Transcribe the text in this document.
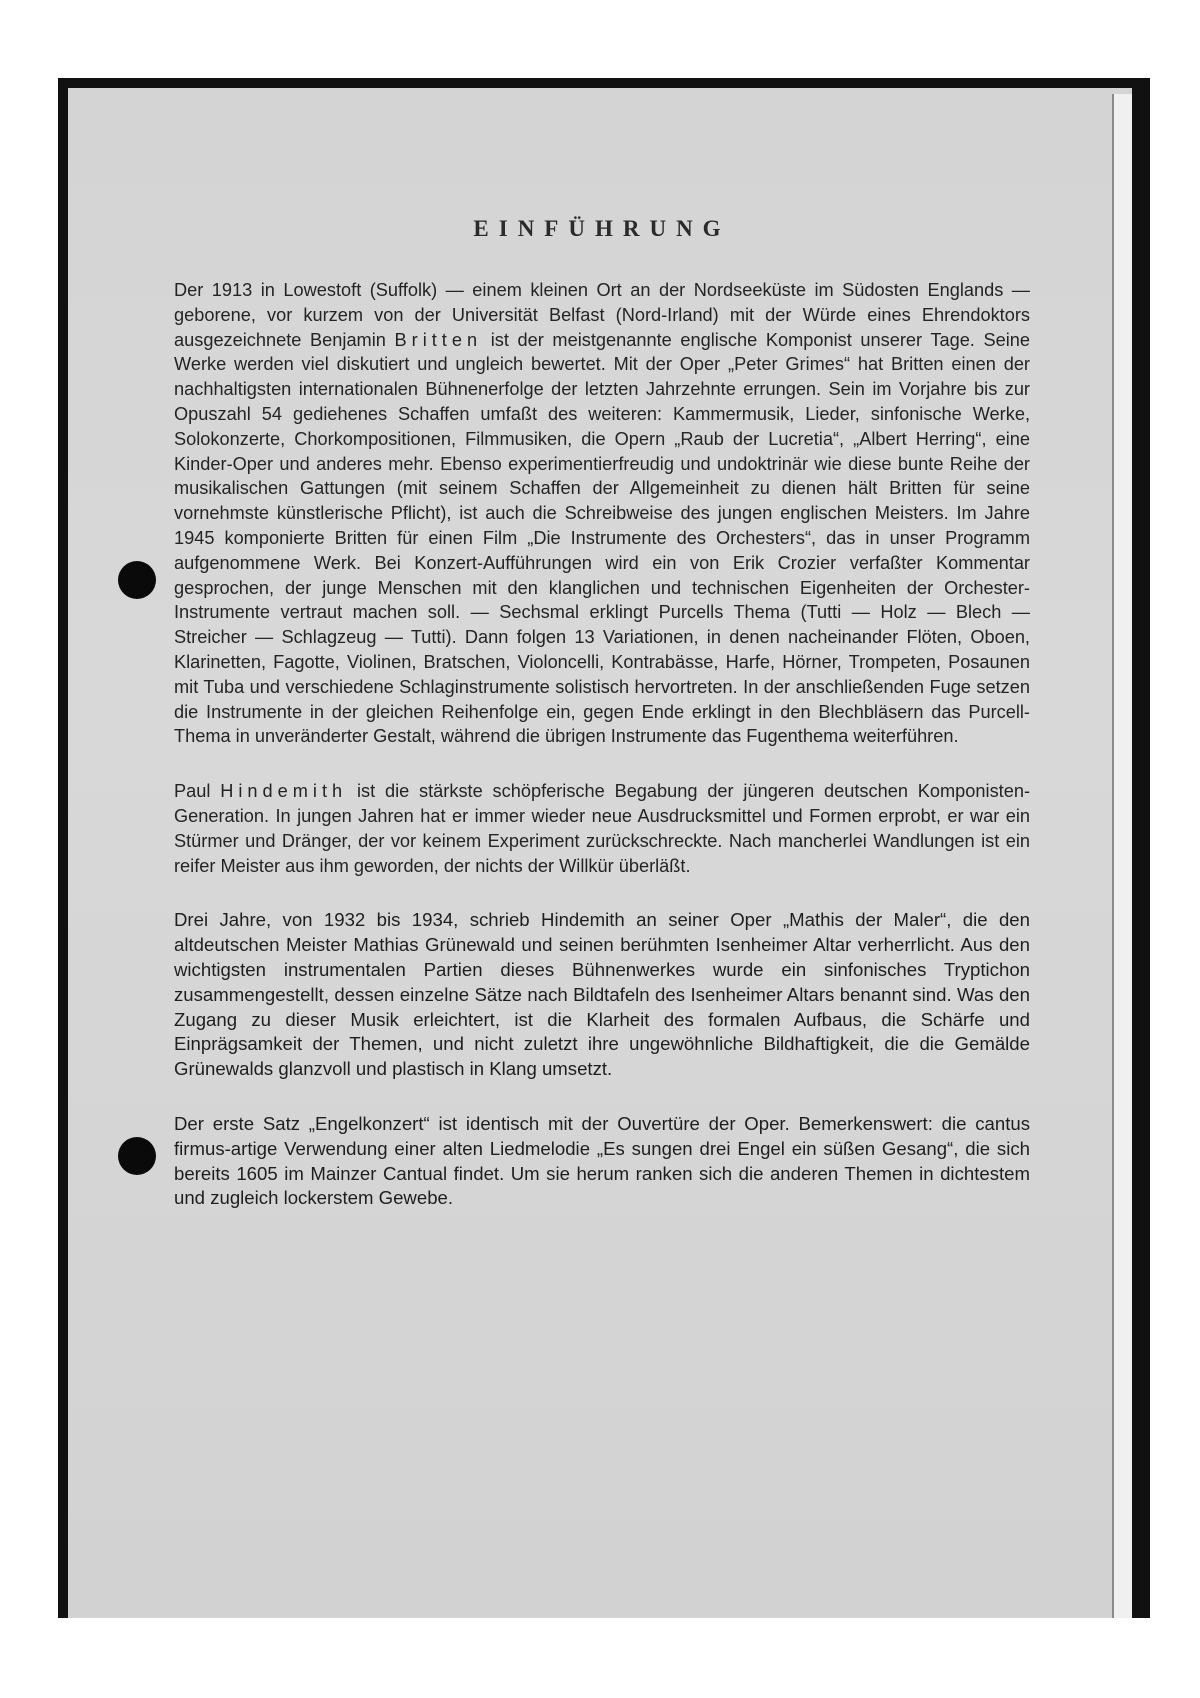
EINFÜHRUNG

Der 1913 in Lowestoft (Suffolk) — einem kleinen Ort an der Nordseeküste im Südosten Englands — geborene, vor kurzem von der Universität Belfast (Nord-Irland) mit der Würde eines Ehrendoktors ausgezeichnete Benjamin Britten ist der meistgenannte englische Komponist unserer Tage. Seine Werke werden viel diskutiert und ungleich bewertet. Mit der Oper „Peter Grimes“ hat Britten einen der nachhaltigsten internationalen Bühnenerfolge der letzten Jahrzehnte errungen. Sein im Vorjahre bis zur Opuszahl 54 gediehenes Schaffen umfaßt des weiteren: Kammermusik, Lieder, sinfonische Werke, Solokonzerte, Chorkompositionen, Filmmusiken, die Opern „Raub der Lucretia“, „Albert Herring“, eine Kinder-Oper und anderes mehr. Ebenso experimentierfreudig und undoktrinär wie diese bunte Reihe der musikalischen Gattungen (mit seinem Schaffen der Allgemeinheit zu dienen hält Britten für seine vornehmste künstlerische Pflicht), ist auch die Schreibweise des jungen englischen Meisters. Im Jahre 1945 komponierte Britten für einen Film „Die Instrumente des Orchesters“, das in unser Programm aufgenommene Werk. Bei Konzert-Aufführungen wird ein von Erik Crozier verfaßter Kommentar gesprochen, der junge Menschen mit den klanglichen und technischen Eigenheiten der Orchester-Instrumente vertraut machen soll. — Sechsmal erklingt Purcells Thema (Tutti — Holz — Blech — Streicher — Schlagzeug — Tutti). Dann folgen 13 Variationen, in denen nacheinander Flöten, Oboen, Klarinetten, Fagotte, Violinen, Bratschen, Violoncelli, Kontrabässe, Harfe, Hörner, Trompeten, Posaunen mit Tuba und verschiedene Schlaginstrumente solistisch hervortreten. In der anschließenden Fuge setzen die Instrumente in der gleichen Reihenfolge ein, gegen Ende erklingt in den Blechbläsern das Purcell-Thema in unveränderter Gestalt, während die übrigen Instrumente das Fugenthema weiterführen.

Paul Hindemith ist die stärkste schöpferische Begabung der jüngeren deutschen Komponisten-Generation. In jungen Jahren hat er immer wieder neue Ausdrucksmittel und Formen erprobt, er war ein Stürmer und Dränger, der vor keinem Experiment zurückschreckte. Nach mancherlei Wandlungen ist ein reifer Meister aus ihm geworden, der nichts der Willkür überläßt.

Drei Jahre, von 1932 bis 1934, schrieb Hindemith an seiner Oper „Mathis der Maler“, die den altdeutschen Meister Mathias Grünewald und seinen berühmten Isenheimer Altar verherrlicht. Aus den wichtigsten instrumentalen Partien dieses Bühnenwerkes wurde ein sinfonisches Tryptichon zusammengestellt, dessen einzelne Sätze nach Bildtafeln des Isenheimer Altars benannt sind. Was den Zugang zu dieser Musik erleichtert, ist die Klarheit des formalen Aufbaus, die Schärfe und Einprägsamkeit der Themen, und nicht zuletzt ihre ungewöhnliche Bildhaftigkeit, die die Gemälde Grünewalds glanzvoll und plastisch in Klang umsetzt.

Der erste Satz „Engelkonzert“ ist identisch mit der Ouvertüre der Oper. Bemerkenswert: die cantus firmus-artige Verwendung einer alten Liedmelodie „Es sungen drei Engel ein süßen Gesang“, die sich bereits 1605 im Mainzer Cantual findet. Um sie herum ranken sich die anderen Themen in dichtestem und zugleich lockerstem Gewebe.
